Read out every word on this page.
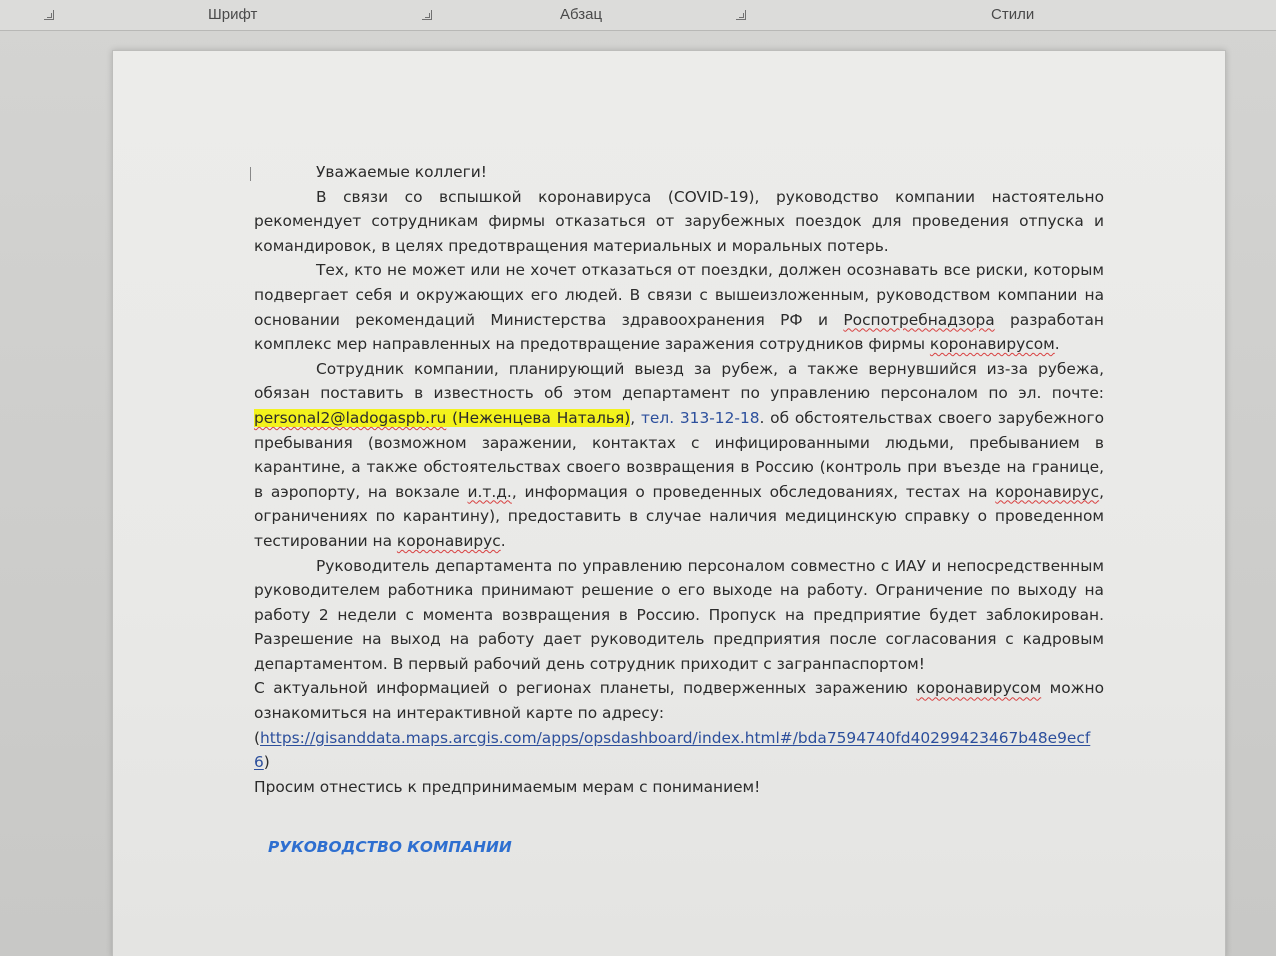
Шрифт	Абзац	Стили

Уважаемые коллеги!

В связи со вспышкой коронавируса (COVID-19), руководство компании настоятельно рекомендует сотрудникам фирмы отказаться от зарубежных поездок для проведения отпуска и командировок, в целях предотвращения материальных и моральных потерь.

Тех, кто не может или не хочет отказаться от поездки, должен осознавать все риски, которым подвергает себя и окружающих его людей. В связи с вышеизложенным, руководством компании на основании рекомендаций Министерства здравоохранения РФ и Роспотребнадзора разработан комплекс мер направленных на предотвращение заражения сотрудников фирмы коронавирусом.

Сотрудник компании, планирующий выезд за рубеж, а также вернувшийся из-за рубежа, обязан поставить в известность об этом департамент по управлению персоналом по эл. почте: personal2@ladogaspb.ru (Неженцева Наталья), тел. 313-12-18. об обстоятельствах своего зарубежного пребывания (возможном заражении, контактах с инфицированными людьми, пребыванием в карантине, а также обстоятельствах своего возвращения в Россию (контроль при въезде на границе, в аэропорту, на вокзале и.т.д., информация о проведенных обследованиях, тестах на коронавирус, ограничениях по карантину), предоставить в случае наличия медицинскую справку о проведенном тестировании на коронавирус.

Руководитель департамента по управлению персоналом совместно с ИАУ и непосредственным руководителем работника принимают решение о его выходе на работу. Ограничение по выходу на работу 2 недели с момента возвращения в Россию. Пропуск на предприятие будет заблокирован. Разрешение на выход на работу дает руководитель предприятия после согласования с кадровым департаментом. В первый рабочий день сотрудник приходит с загранпаспортом!

С актуальной информацией о регионах планеты, подверженных заражению коронавирусом можно ознакомиться на интерактивной карте по адресу:
(https://gisanddata.maps.arcgis.com/apps/opsdashboard/index.html#/bda7594740fd40299423467b48e9ecf6)

Просим отнестись к предпринимаемым мерам с пониманием!

РУКОВОДСТВО КОМПАНИИ
